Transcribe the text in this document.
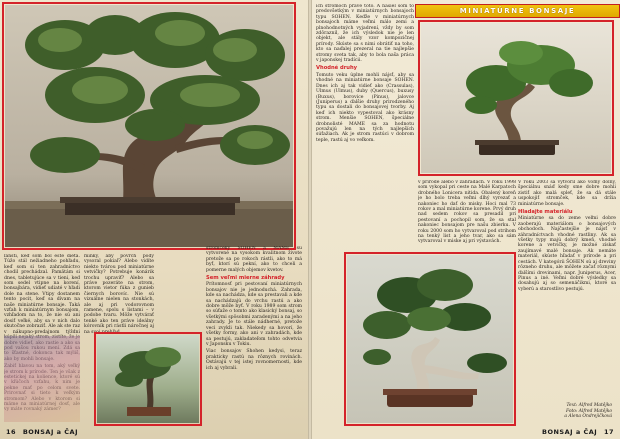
ľanstí, keď som bol ešte dieťa. Túžo stál nežiadneho pohľadu, keď som si ten zahradníctvo chodil prechádzal. Pamätám si dnes, tabletujúce sa v tieni, keď som sedel vtipne na korení, bonsajbára, vidieť udiaté v hľadi dole na stene. Vtipy dostanem tento pocit, keď sa dívam na naše miniatúrne bonsaje. Taká vzťah k miniatúrnym bonsajom, vzhľadom na to, že nie sú ani dosiť veľké, aby sa v nich dalo skutočne zobraziť. Ale ak ste raz v nákupno-predajnom týždni

minky, aby povrch pôdy vysoral pokiaľ? Alebo vidíte niekto tvárou pod miniatúrne vetvičky? Potrebuje konárik trochu upraviť? Alebo sa práve pozeráte na strom, ktorom vietor fúka z gunieb čiernych borovíc. Nie sú vizuálne nielen na stonkách, ale aj pri vodorovnom ramene, spolu s listami – v podobe tvaru. Môže vytvárať tenké ako ten práve ideálny kórovník pri rástli náročnej aj na svoj prehľad.

stromčeky SOHEN a MAME sú vytvorené na vysokom kvalitnom živote pretože sa po rokoch rástli, ako to má byť, ktorí sú pekní, ako to chceli a pomerne malých objemov kvetov.

Sem veľmi mierne záhrady

Prítomnosť pri pestovaní miniatúrnych bonsajov nie je jednoduchá. Zahrada, kde sa nachádza, kde sa prestavali a kde sa nachádzajú do vrchu rastú a ako dobre môže byť. V roku 1989 som strom so súťaže o tomto ako klasický bonsaj, so všetkými spôsobmi zaradenými a na jeho zahrady. Je to stále nádherné, pretože veci zvykli tak. Niekedy sa hovorí, že všetky formy, ako ani v zahradách, kde sa pestujú, zakladateľom tohto odvetvia v Japonsku v Tokiu.

Viac bonsajov Shohen kedysi, teraz prakticky rastú na rôznych rovinách. Ostávajú v tej istej rovnomernosti, kde ich aj vybrali.

16 BONSAJ a ČAJ

ích stromoch práve toto. A našiel som to predovšetkým v miniatúrnych bonsajoch typu SOHEN. Keďže v miniatúrnych bonsajoch máme veľmi málo zemi a plnohodnotných vyjadrení, vždy by som zdôraznil, že ich výsledok nie je len objekt, ale stály vzor kompozičnej prírody. Skúste sa s nimi obrátiť na toho, kto sa naďalej prezeral na tie najlepšie stromy sveta tak, aby to bola naša práca v japonskej tradícii.

Vhodné druhy

Tomuto veku úplne mohli nájsť, aby sa vhodné na miniatúrne bonsaje SOHEN. Dnes ich aj tak vidieť ako (Crassulas), Ulmus (Ulmus), duby (Quercus), buxusy (Buxus), borovice (Pinus), jalovce (Juniperus) a ďalšie druhy prirodzeného typu sa dostali do bonsajovej tvorby. Aj keď ich niekto vypestoval ako krásny strom. Menšie SOHEN, špeciálne drobnolisté MAME sa za hodnotu považujú len na tých najlepších súťažiach. Ak je strom rastúci v dobrom teple, rastú aj vo veľkom.

v prírode alebo v záhradách. V roku 1998 som vykopal pri ceste na Malé Karpatoch drobného Lonicera nitida. Obalený koreň je ho bolo treba veľmi dlhý vyrezať a nakoniec ho dať do misky. Hoci mal 73 rokov a mal miniatúrne korene. Prvý druh nad sedem rokov sa presadil pri pestovaní a pochopil som, že sa stal nakoniec bonsajom pre našu zbierku. V roku 2000 som ho vytvaroval pod strihom na tenký list a jeho tvar, ako sa sám vytvaroval v miske aj pri výstavách.

V roku 2003 sa vytvoril ako voľný dolný, špeciálnu snáď kedy sme dobre mohli zistiť ako malá spleť, že sa dá stále uspokojiť stromček, kde sa držia miniatúrne bonsaje.

Hladajte materiálu

Miniatúrne sa do zeme veľmi dobre zaoberajú materiálom o bonsajových obchodoch. Najčastejšie je nájsť v záhradníctvach vhodné rastliny. Ak sa všetky typy majú dobrý kmeň, vhodné korene a vetvičky, je možné získať zaujímavé malé bonsaje. Ak nemáte materiál, skúste hľadať v prírode a pri cestách. V kategórii ŠOHEN sú aj dreviny rôzneho druhu, ale môžete začať rôznymi ďalšími drevinami, napr. Juniperus, Acer, Pinus a iné. Veľmi dobré výsledky sa dosahujú aj so semenáčikmi, ktoré sa vyberú a starostlivo pestujú.

Text: Alfred Matějko
Foto: Alfred Matějko
a Alena Ondrejičková
BONSAJ a ČAJ 17
MINIATÚRNE BONSAJE
